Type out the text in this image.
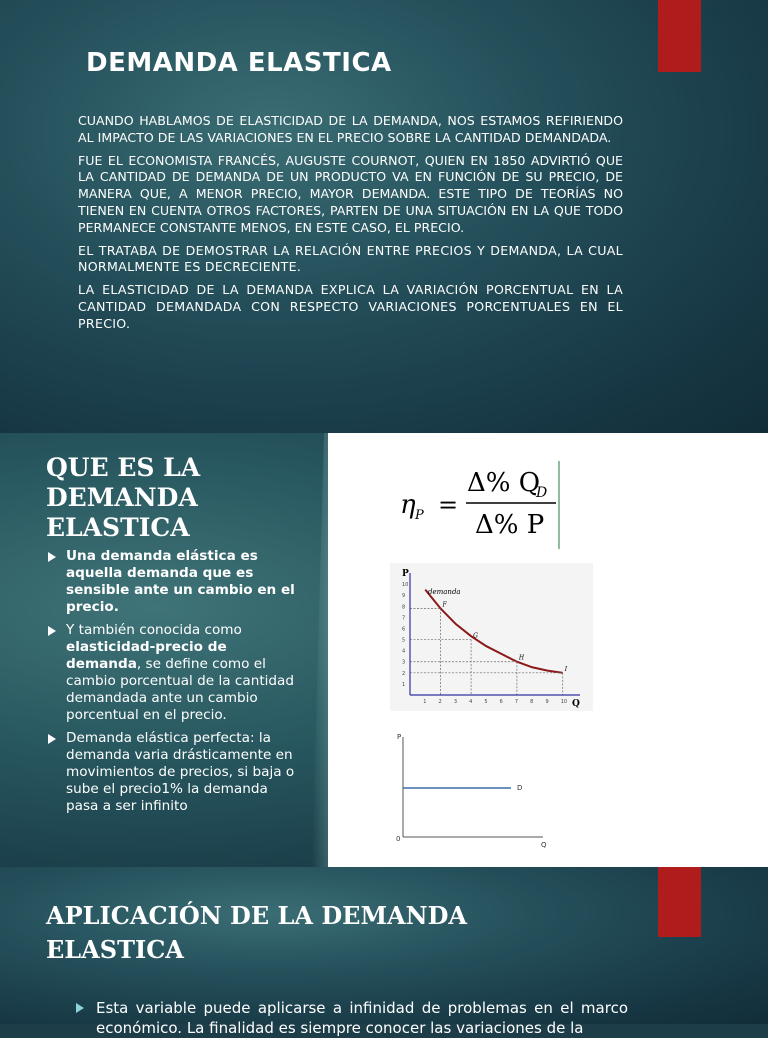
DEMANDA ELASTICA

CUANDO HABLAMOS DE ELASTICIDAD DE LA DEMANDA, NOS ESTAMOS REFIRIENDO AL IMPACTO DE LAS VARIACIONES EN EL PRECIO SOBRE LA CANTIDAD DEMANDADA.

FUE EL ECONOMISTA FRANCÉS, AUGUSTE COURNOT, QUIEN EN 1850 ADVIRTIÓ QUE LA CANTIDAD DE DEMANDA DE UN PRODUCTO VA EN FUNCIÓN DE SU PRECIO, DE MANERA QUE, A MENOR PRECIO, MAYOR DEMANDA. ESTE TIPO DE TEORÍAS NO TIENEN EN CUENTA OTROS FACTORES, PARTEN DE UNA SITUACIÓN EN LA QUE TODO PERMANECE CONSTANTE MENOS, EN ESTE CASO, EL PRECIO.

EL TRATABA DE DEMOSTRAR LA RELACIÓN ENTRE PRECIOS Y DEMANDA, LA CUAL NORMALMENTE ES DECRECIENTE.

LA ELASTICIDAD DE LA DEMANDA EXPLICA LA VARIACIÓN PORCENTUAL EN LA CANTIDAD DEMANDADA CON RESPECTO VARIACIONES PORCENTUALES EN EL PRECIO.

QUE ES LA DEMANDA ELASTICA
Una demanda elástica es aquella demanda que es sensible ante un cambio en el precio.
Y también conocida como elasticidad-precio de demanda, se define como el cambio porcentual de la cantidad demandada ante un cambio porcentual en el precio.
Demanda elástica perfecta: la demanda varia drásticamente en movimientos de precios, si baja o sube el precio1% la demanda pasa a ser infinito
η P =
Δ% Q
D
Δ% P
1
1
2
2
3
3
4
4
5
5
6
6
7
7
8
8
9
9
10
10
F
G
H
I
P
Q
demanda
P
Q
0
D
APLICACIÓN DE LA DEMANDA ELASTICA
Esta variable puede aplicarse a infinidad de problemas en el marco económico. La finalidad es siempre conocer las variaciones de la
